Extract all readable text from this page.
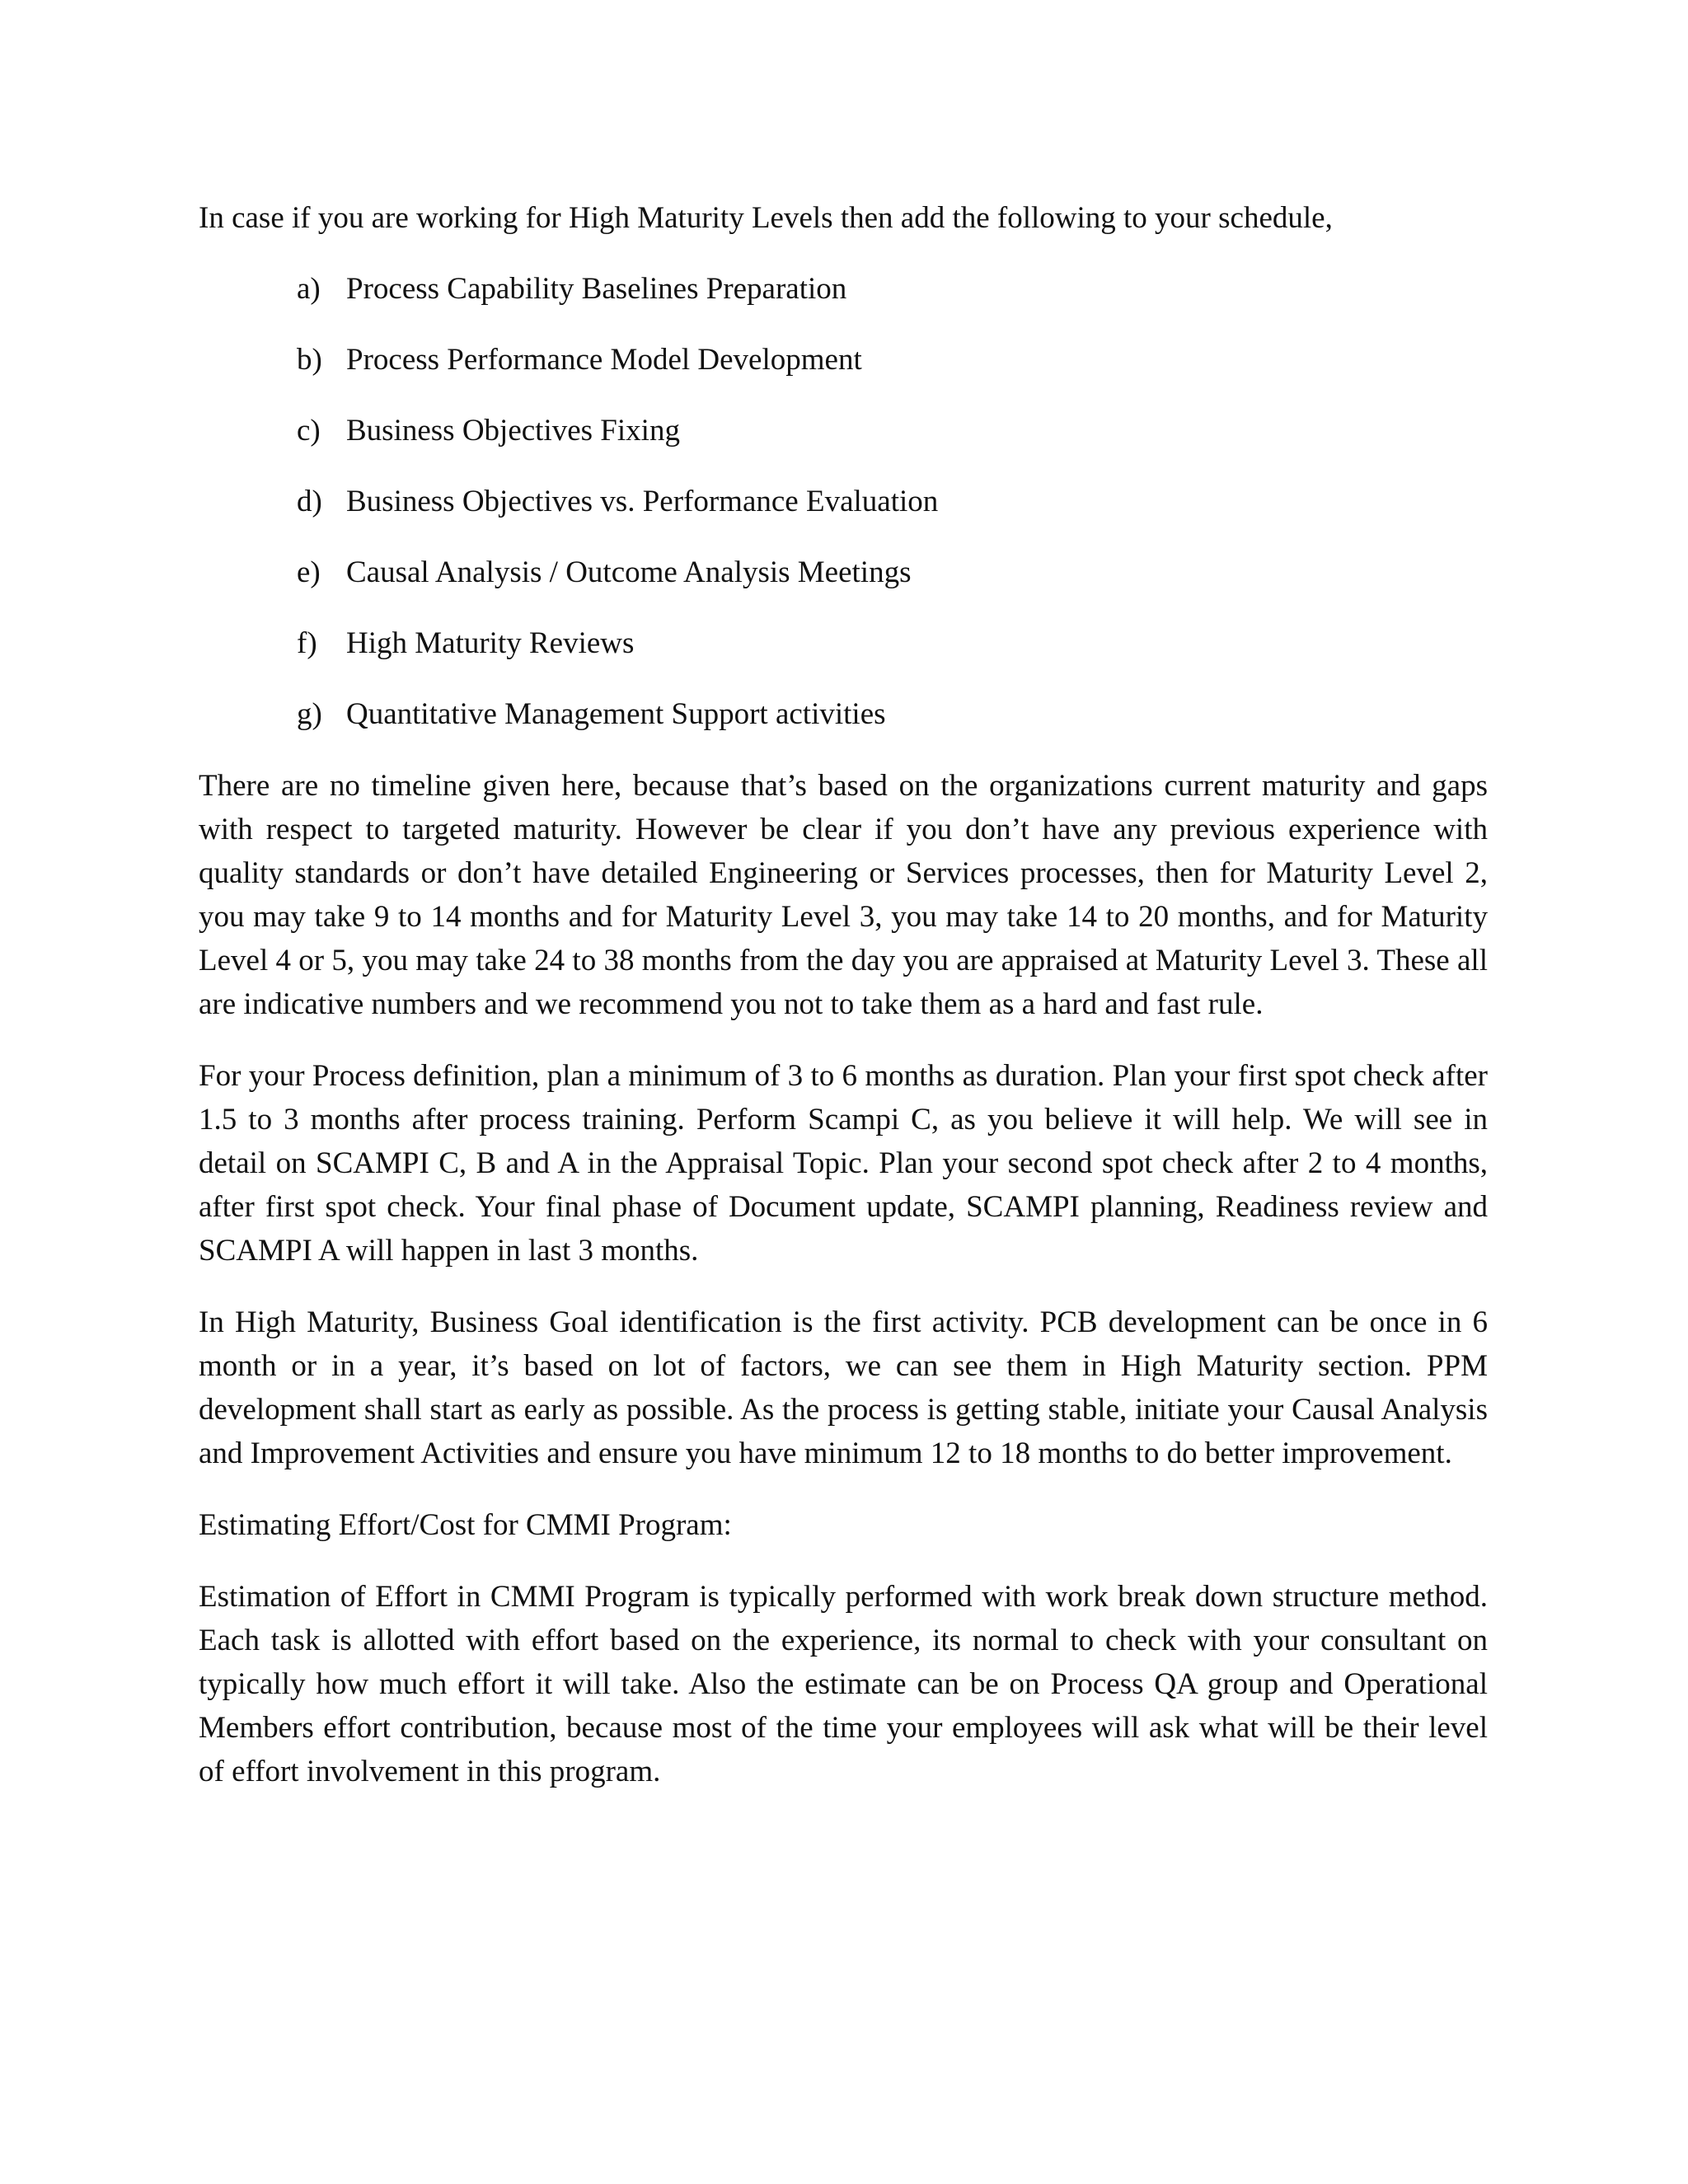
In case if you are working for High Maturity Levels then add the following to your schedule,

a) Process Capability Baselines Preparation
b) Process Performance Model Development
c) Business Objectives Fixing
d) Business Objectives vs. Performance Evaluation
e) Causal Analysis / Outcome Analysis Meetings
f) High Maturity Reviews
g) Quantitative Management Support activities

There are no timeline given here, because that’s based on the organizations current maturity and gaps with respect to targeted maturity. However be clear if you don’t have any previous experience with quality standards or don’t have detailed Engineering or Services processes, then for Maturity Level 2, you may take 9 to 14 months and for Maturity Level 3, you may take 14 to 20 months, and for Maturity Level 4 or 5, you may take 24 to 38 months from the day you are appraised at Maturity Level 3. These all are indicative numbers and we recommend you not to take them as a hard and fast rule.

For your Process definition, plan a minimum of 3 to 6 months as duration. Plan your first spot check after 1.5 to 3 months after process training. Perform Scampi C, as you believe it will help. We will see in detail on SCAMPI C, B and A in the Appraisal Topic. Plan your second spot check after 2 to 4 months, after first spot check. Your final phase of Document update, SCAMPI planning, Readiness review and SCAMPI A will happen in last 3 months.

In High Maturity, Business Goal identification is the first activity. PCB development can be once in 6 month or in a year, it’s based on lot of factors, we can see them in High Maturity section. PPM development shall start as early as possible. As the process is getting stable, initiate your Causal Analysis and Improvement Activities and ensure you have minimum 12 to 18 months to do better improvement.

Estimating Effort/Cost for CMMI Program:

Estimation of Effort in CMMI Program is typically performed with work break down structure method. Each task is allotted with effort based on the experience, its normal to check with your consultant on typically how much effort it will take. Also the estimate can be on Process QA group and Operational Members effort contribution, because most of the time your employees will ask what will be their level of effort involvement in this program.
